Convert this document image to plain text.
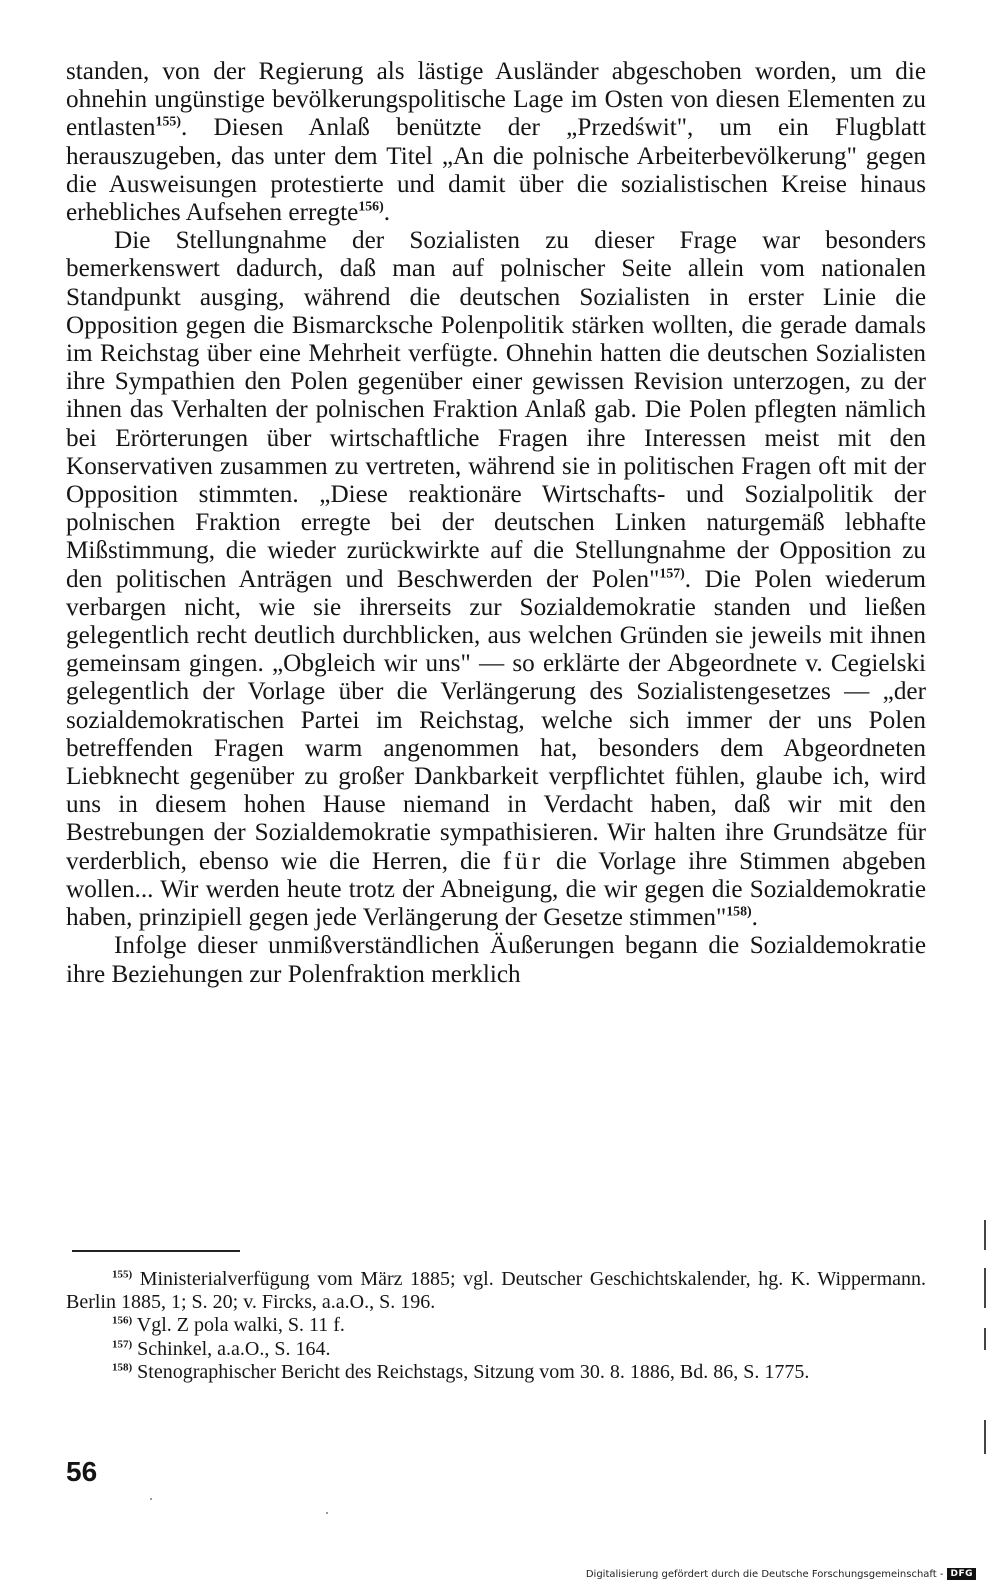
standen, von der Regierung als lästige Ausländer abgeschoben worden, um die ohnehin ungünstige bevölkerungspolitische Lage im Osten von diesen Elementen zu entlasten$^{155)}$. Diesen Anlaß benützte der „Przedświt", um ein Flugblatt herauszugeben, das unter dem Titel „An die polnische Arbeiterbevölkerung" gegen die Ausweisungen protestierte und damit über die sozialistischen Kreise hinaus erhebliches Aufsehen erregte$^{156)}$.

Die Stellungnahme der Sozialisten zu dieser Frage war besonders bemerkenswert dadurch, daß man auf polnischer Seite allein vom nationalen Standpunkt ausging, während die deutschen Sozialisten in erster Linie die Opposition gegen die Bismarcksche Polenpolitik stärken wollten, die gerade damals im Reichstag über eine Mehrheit verfügte. Ohnehin hatten die deutschen Sozialisten ihre Sympathien den Polen gegenüber einer gewissen Revision unterzogen, zu der ihnen das Verhalten der polnischen Fraktion Anlaß gab. Die Polen pflegten nämlich bei Erörterungen über wirtschaftliche Fragen ihre Interessen meist mit den Konservativen zusammen zu vertreten, während sie in politischen Fragen oft mit der Opposition stimmten. „Diese reaktionäre Wirtschafts- und Sozialpolitik der polnischen Fraktion erregte bei der deutschen Linken naturgemäß lebhafte Mißstimmung, die wieder zurückwirkte auf die Stellungnahme der Opposition zu den politischen Anträgen und Beschwerden der Polen"$^{157)}$. Die Polen wiederum verbargen nicht, wie sie ihrerseits zur Sozialdemokratie standen und ließen gelegentlich recht deutlich durchblicken, aus welchen Gründen sie jeweils mit ihnen gemeinsam gingen. „Obgleich wir uns" — so erklärte der Abgeordnete v. Cegielski gelegentlich der Vorlage über die Verlängerung des Sozialistengesetzes — „der sozialdemokratischen Partei im Reichstag, welche sich immer der uns Polen betreffenden Fragen warm angenommen hat, besonders dem Abgeordneten Liebknecht gegenüber zu großer Dankbarkeit verpflichtet fühlen, glaube ich, wird uns in diesem hohen Hause niemand in Verdacht haben, daß wir mit den Bestrebungen der Sozialdemokratie sympathisieren. Wir halten ihre Grundsätze für verderblich, ebenso wie die Herren, die für die Vorlage ihre Stimmen abgeben wollen... Wir werden heute trotz der Abneigung, die wir gegen die Sozialdemokratie haben, prinzipiell gegen jede Verlängerung der Gesetze stimmen"$^{158)}$.

Infolge dieser unmißverständlichen Äußerungen begann die Sozialdemokratie ihre Beziehungen zur Polenfraktion merklich

$^{155)}$ Ministerialverfügung vom März 1885; vgl. Deutscher Geschichtskalender, hg. K. Wippermann. Berlin 1885, 1; S. 20; v. Fircks, a.a.O., S. 196.

$^{156)}$ Vgl. Z pola walki, S. 11 f.

$^{157)}$ Schinkel, a.a.O., S. 164.

$^{158)}$ Stenographischer Bericht des Reichstags, Sitzung vom 30. 8. 1886, Bd. 86, S. 1775.

56
Digitalisierung gefördert durch die Deutsche Forschungsgemeinschaft - DFG
